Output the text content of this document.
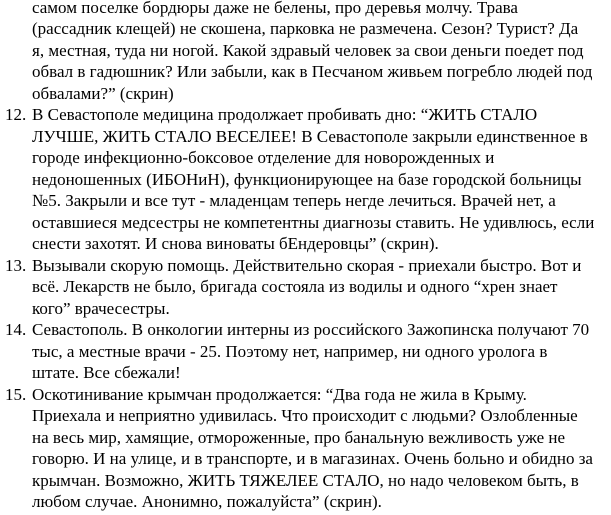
самом поселке бордюры даже не белены, про деревья молчу. Трава
(рассадник клещей) не скошена, парковка не размечена. Сезон? Турист? Да
я, местная, туда ни ногой. Какой здравый человек за свои деньги поедет под
обвал в гадюшник? Или забыли, как в Песчаном живьем погребло людей под
обвалами?” (скрин)
12. В Севастополе медицина продолжает пробивать дно: “ЖИТЬ СТАЛО
ЛУЧШЕ, ЖИТЬ СТАЛО ВЕСЕЛЕЕ! В Севастополе закрыли единственное в
городе инфекционно-боксовое отделение для новорожденных и
недоношенных (ИБОНиН), функционирующее на базе городской больницы
№5. Закрыли и все тут - младенцам теперь негде лечиться. Врачей нет, а
оставшиеся медсестры не компетентны диагнозы ставить. Не удивлюсь, если
снести захотят. И снова виноваты бЕндеровцы” (скрин).
13. Вызывали скорую помощь. Действительно скорая - приехали быстро. Вот и
всё. Лекарств не было, бригада состояла из водилы и одного “хрен знает
кого” врачесестры.
14. Севастополь. В онкологии интерны из российского Зажопинска получают 70
тыс, а местные врачи - 25. Поэтому нет, например, ни одного уролога в
штате. Все сбежали!
15. Оскотинивание крымчан продолжается: “Два года не жила в Крыму.
Приехала и неприятно удивилась. Что происходит с людьми? Озлобленные
на весь мир, хамящие, отмороженные, про банальную вежливость уже не
говорю. И на улице, и в транспорте, и в магазинах. Очень больно и обидно за
крымчан. Возможно, ЖИТЬ ТЯЖЕЛЕЕ СТАЛО, но надо человеком быть, в
любом случае. Анонимно, пожалуйста” (скрин).
